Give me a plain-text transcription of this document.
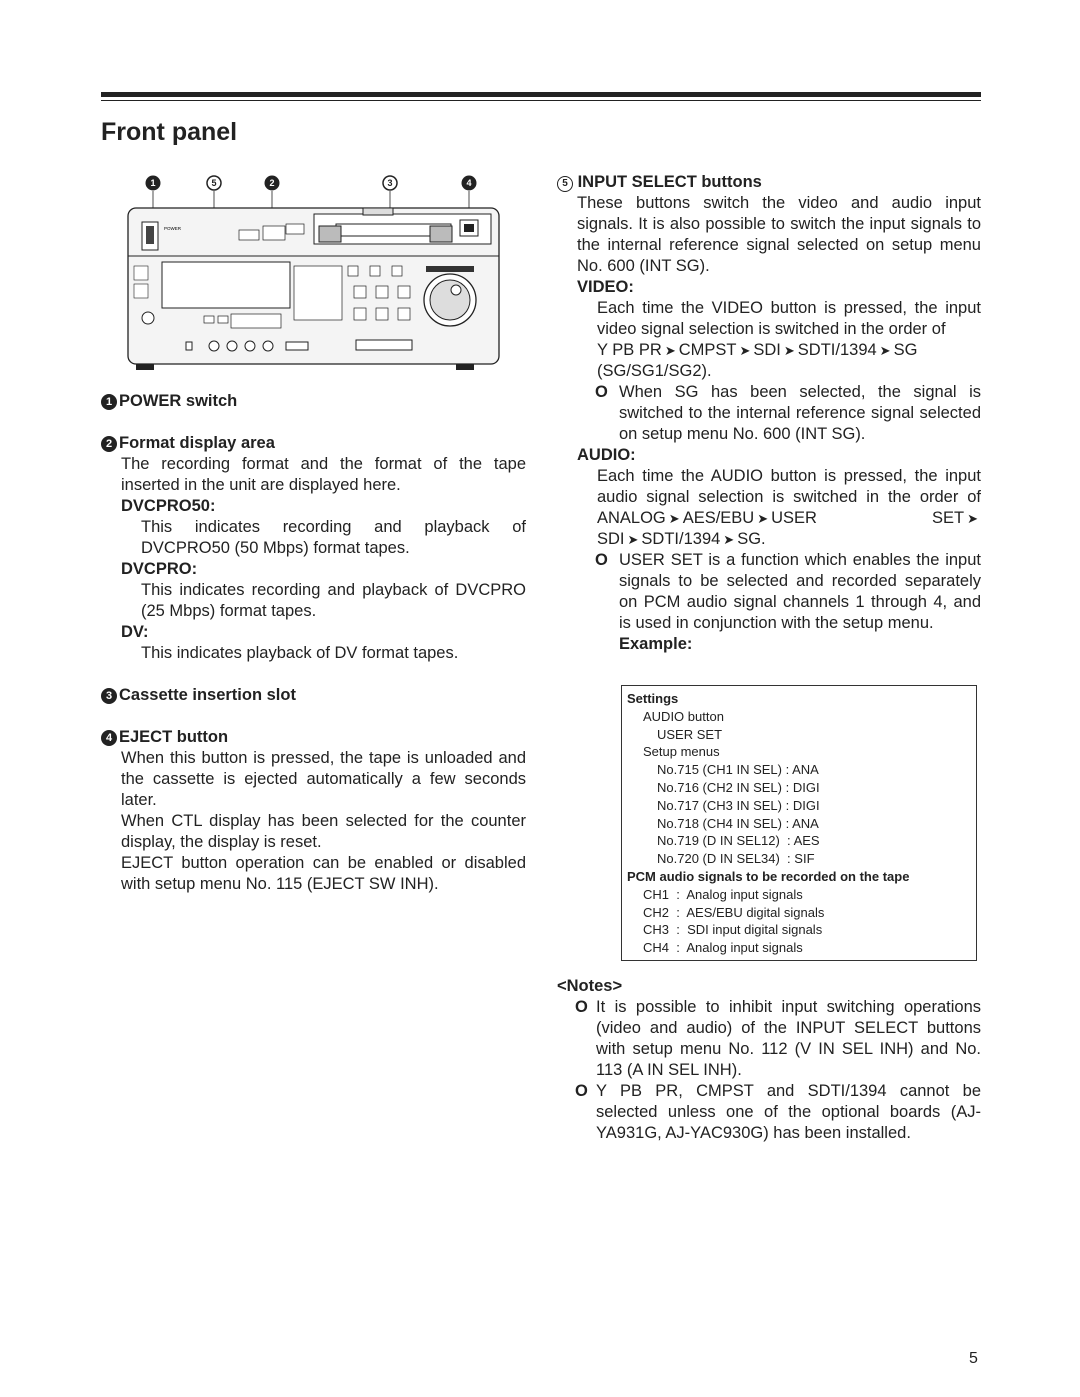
Front panel
1	5	2	3	4
POWER

1 POWER switch

2 Format display area

The recording format and the format of the tape inserted in the unit are displayed here.

DVCPRO50:

This indicates recording and playback of DVCPRO50 (50 Mbps) format tapes.

DVCPRO:

This indicates recording and playback of DVCPRO (25 Mbps) format tapes.

DV:

This indicates playback of DV format tapes.

3 Cassette insertion slot

4 EJECT button

When this button is pressed, the tape is unloaded and the cassette is ejected automatically a few seconds later.

When CTL display has been selected for the counter display, the display is reset.

EJECT button operation can be enabled or disabled with setup menu No. 115 (EJECT SW INH).

5 INPUT SELECT buttons

These buttons switch the video and audio input signals. It is also possible to switch the input signals to the internal reference signal selected on setup menu No. 600 (INT SG).

VIDEO:

Each time the VIDEO button is pressed, the input video signal selection is switched in the order of
Y PB PR ➤ CMPST ➤ SDI ➤ SDTI/1394 ➤ SG
(SG/SG1/SG2).

O When SG has been selected, the signal is switched to the internal reference signal selected on setup menu No. 600 (INT SG).

AUDIO:

Each time the AUDIO button is pressed, the input audio signal selection is switched in the order of ANALOG ➤ AES/EBU ➤ USER SET ➤ SDI ➤ SDTI/1394 ➤ SG.

O USER SET is a function which enables the input signals to be selected and recorded separately on PCM audio signal channels 1 through 4, and is used in conjunction with the setup menu.

Example:

Settings
AUDIO button
USER SET
Setup menus
No.715 (CH1 IN SEL) : ANA
No.716 (CH2 IN SEL) : DIGI
No.717 (CH3 IN SEL) : DIGI
No.718 (CH4 IN SEL) : ANA
No.719 (D IN SEL12)  : AES
No.720 (D IN SEL34)  : SIF
PCM audio signals to be recorded on the tape
CH1  :  Analog input signals
CH2  :  AES/EBU digital signals
CH3  :  SDI input digital signals
CH4  :  Analog input signals

<Notes>

O It is possible to inhibit input switching operations (video and audio) of the INPUT SELECT buttons with setup menu No. 112 (V IN SEL INH) and No. 113 (A IN SEL INH).
O Y PB PR, CMPST and SDTI/1394 cannot be selected unless one of the optional boards (AJ-YA931G, AJ-YAC930G) has been installed.
5
